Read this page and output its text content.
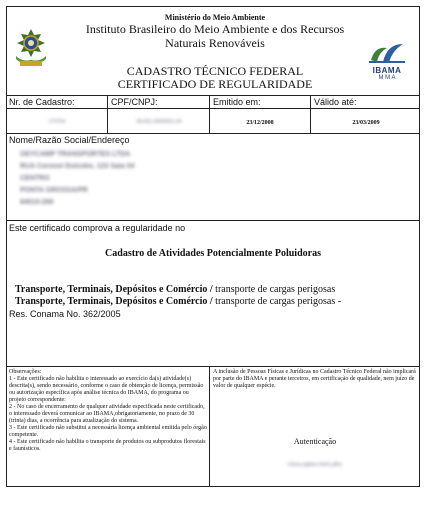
Ministério do Meio Ambiente
Instituto Brasileiro do Meio Ambiente e dos Recursos
Naturais Renováveis
CADASTRO TÉCNICO FEDERAL
CERTIFICADO DE REGULARIDADE
IBAMA
M M A
Nr. de Cadastro:	CPF/CNPJ:	Emitido em:	Válido até:
273754	06.001.000/0001-04	23/12/2008	23/03/2009
Nome/Razão Social/Endereço
OEYCAMP TRANSPORTES LTDA
RUA Coronel Dulcidio, 123 Sala 04
CENTRO
PONTA GROSSA/PR
84010-280
Este certificado comprova a regularidade no
Cadastro de Atividades Potencialmente Poluidoras
Transporte, Terminais, Depósitos e Comércio / transporte de cargas perigosas
Transporte, Terminais, Depósitos e Comércio / transporte de cargas perigosas -
Res. Conama No. 362/2005
Observações:
1 - Este certificado não habilita o interessado ao exercício da(s) atividade(s) descrita(s), sendo necessário, conforme o caso de obtenção de licença, permissão ou autorização específica após análise técnica do IBAMA, do programa ou projeto correspondente:
2 - No caso de encerramento de qualquer atividade especificada neste certificado, o interessado deverá comunicar ao IBAMA,obrigatoriamente, no prazo de 30 (trinta) dias, a ocorrência para atualização do sistema.
3 - Este certificado não substitui a necessária licença ambiental emitida pelo órgão competente.
4 - Este certificado não habilita o transporte de produtos ou subprodutos florestais e faunísticos.
A inclusão de Pessoas Físicas e Jurídicas no Cadastro Técnico Federal não implicará por parte do IBAMA e perante terceiros, em certificação de qualidade, nem juízo de valor de qualquer espécie.
Autenticação
nl1ma.dg8sm.h9v5.y8hn
